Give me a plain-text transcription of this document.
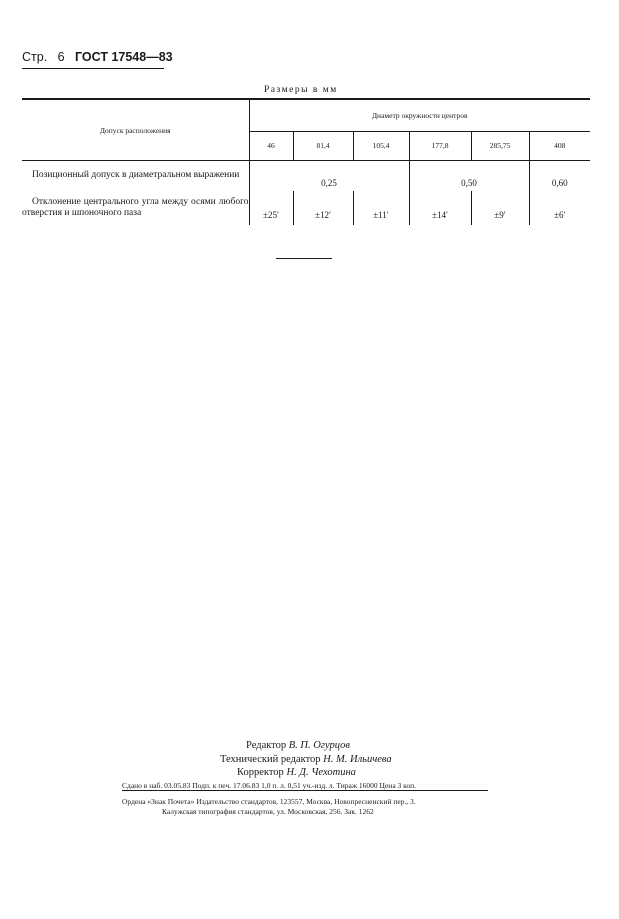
Стр. 6 ГОСТ 17548—83
Размеры в мм
Допуск расположения	Диаметр окружности центров					
	46	81,4	105,4	177,8	285,75	408
Позиционный допуск в диаметральном выражении	0,25			0,50		0,60
Отклонение центрального угла между осями любого отверстия и шпоночного паза	±25′	±12′	±11′	±14′	±9′	±6′
Редактор В. П. Огурцов
Технический редактор Н. М. Ильичева
Корректор Н. Д. Чехотина
Сдано в наб. 03.05.83 Подп. к печ. 17.06.83 1,0 п. л. 0,51 уч.-изд. л. Тираж 16000 Цена 3 коп.
Ордена «Знак Почета» Издательство стандартов, 123557, Москва, Новопресненский пер., 3.
Калужская типография стандартов, ул. Московская, 256. Зак. 1262
